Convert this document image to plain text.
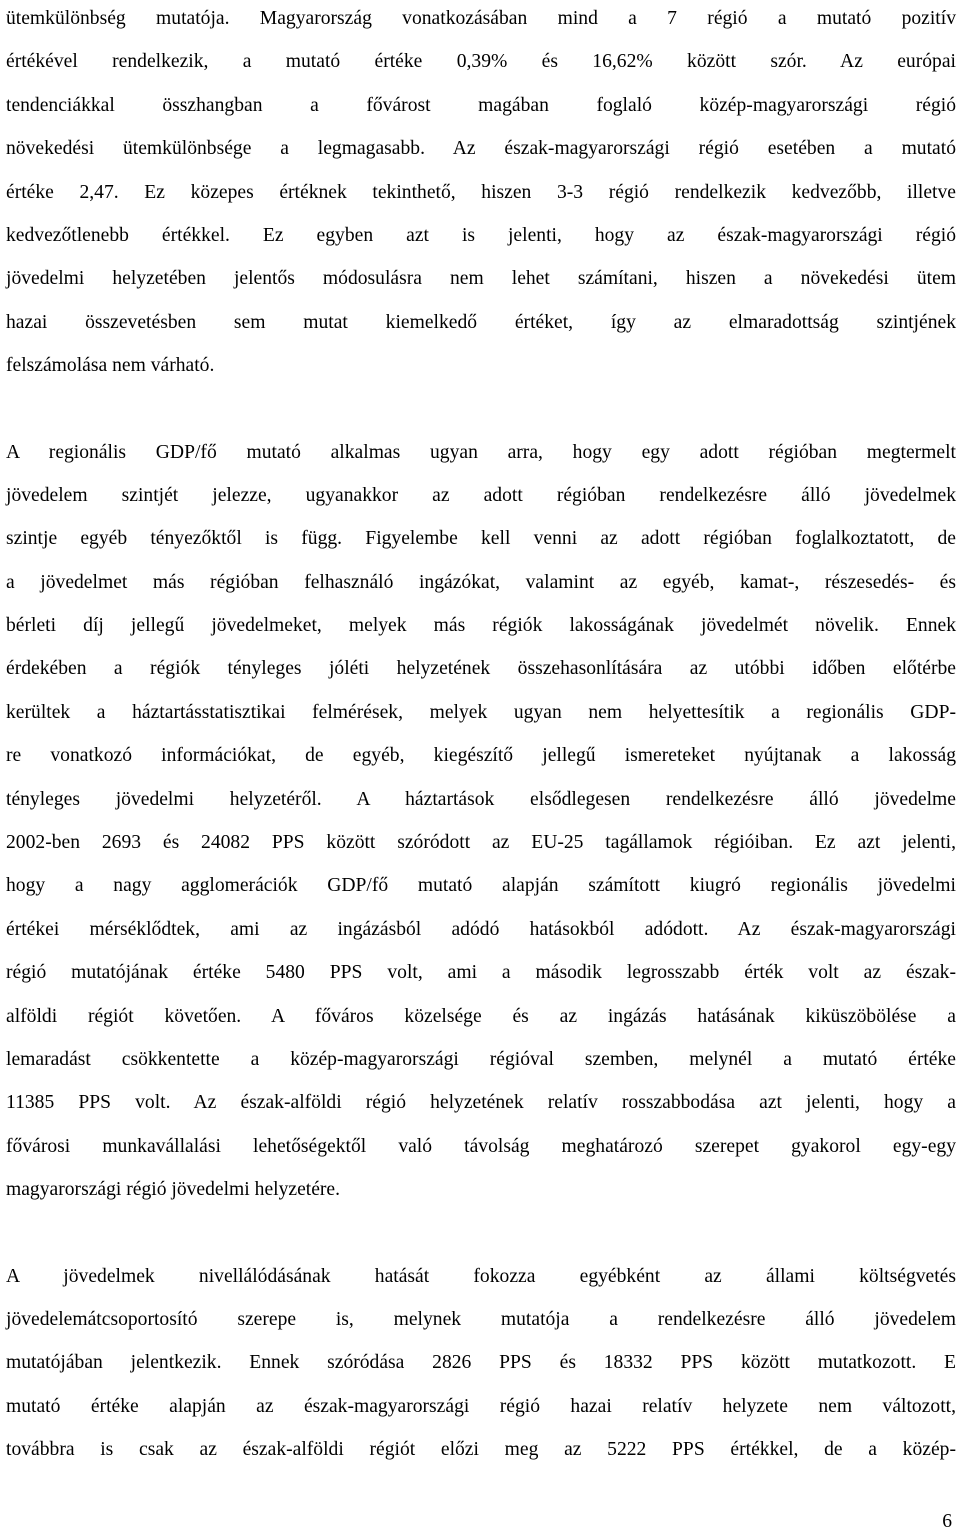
ütemkülönbség mutatója. Magyarország vonatkozásában mind a 7 régió a mutató pozitív
értékével rendelkezik, a mutató értéke 0,39% és 16,62% között szór. Az európai
tendenciákkal összhangban a fővárost magában foglaló közép-magyarországi régió
növekedési ütemkülönbsége a legmagasabb. Az észak-magyarországi régió esetében a mutató
értéke 2,47. Ez közepes értéknek tekinthető, hiszen 3-3 régió rendelkezik kedvezőbb, illetve
kedvezőtlenebb értékkel. Ez egyben azt is jelenti, hogy az észak-magyarországi régió
jövedelmi helyzetében jelentős módosulásra nem lehet számítani, hiszen a növekedési ütem
hazai összevetésben sem mutat kiemelkedő értéket, így az elmaradottság szintjének
felszámolása nem várható.

A regionális GDP/fő mutató alkalmas ugyan arra, hogy egy adott régióban megtermelt
jövedelem szintjét jelezze, ugyanakkor az adott régióban rendelkezésre álló jövedelmek
szintje egyéb tényezőktől is függ. Figyelembe kell venni az adott régióban foglalkoztatott, de
a jövedelmet más régióban felhasználó ingázókat, valamint az egyéb, kamat-, részesedés- és
bérleti díj jellegű jövedelmeket, melyek más régiók lakosságának jövedelmét növelik. Ennek
érdekében a régiók tényleges jóléti helyzetének összehasonlítására az utóbbi időben előtérbe
kerültek a háztartásstatisztikai felmérések, melyek ugyan nem helyettesítik a regionális GDP-
re vonatkozó információkat, de egyéb, kiegészítő jellegű ismereteket nyújtanak a lakosság
tényleges jövedelmi helyzetéről. A háztartások elsődlegesen rendelkezésre álló jövedelme
2002-ben 2693 és 24082 PPS között szóródott az EU-25 tagállamok régióiban. Ez azt jelenti,
hogy a nagy agglomerációk GDP/fő mutató alapján számított kiugró regionális jövedelmi
értékei mérséklődtek, ami az ingázásból adódó hatásokból adódott. Az észak-magyarországi
régió mutatójának értéke 5480 PPS volt, ami a második legrosszabb érték volt az észak-
alföldi régiót követően. A főváros közelsége és az ingázás hatásának kiküszöbölése a
lemaradást csökkentette a közép-magyarországi régióval szemben, melynél a mutató értéke
11385 PPS volt. Az észak-alföldi régió helyzetének relatív rosszabbodása azt jelenti, hogy a
fővárosi munkavállalási lehetőségektől való távolság meghatározó szerepet gyakorol egy-egy
magyarországi régió jövedelmi helyzetére.

A jövedelmek nivellálódásának hatását fokozza egyébként az állami költségvetés
jövedelemátcsoportosító szerepe is, melynek mutatója a rendelkezésre álló jövedelem
mutatójában jelentkezik. Ennek szóródása 2826 PPS és 18332 PPS között mutatkozott. E
mutató értéke alapján az észak-magyarországi régió hazai relatív helyzete nem változott,
továbbra is csak az észak-alföldi régiót előzi meg az 5222 PPS értékkel, de a közép-

6
